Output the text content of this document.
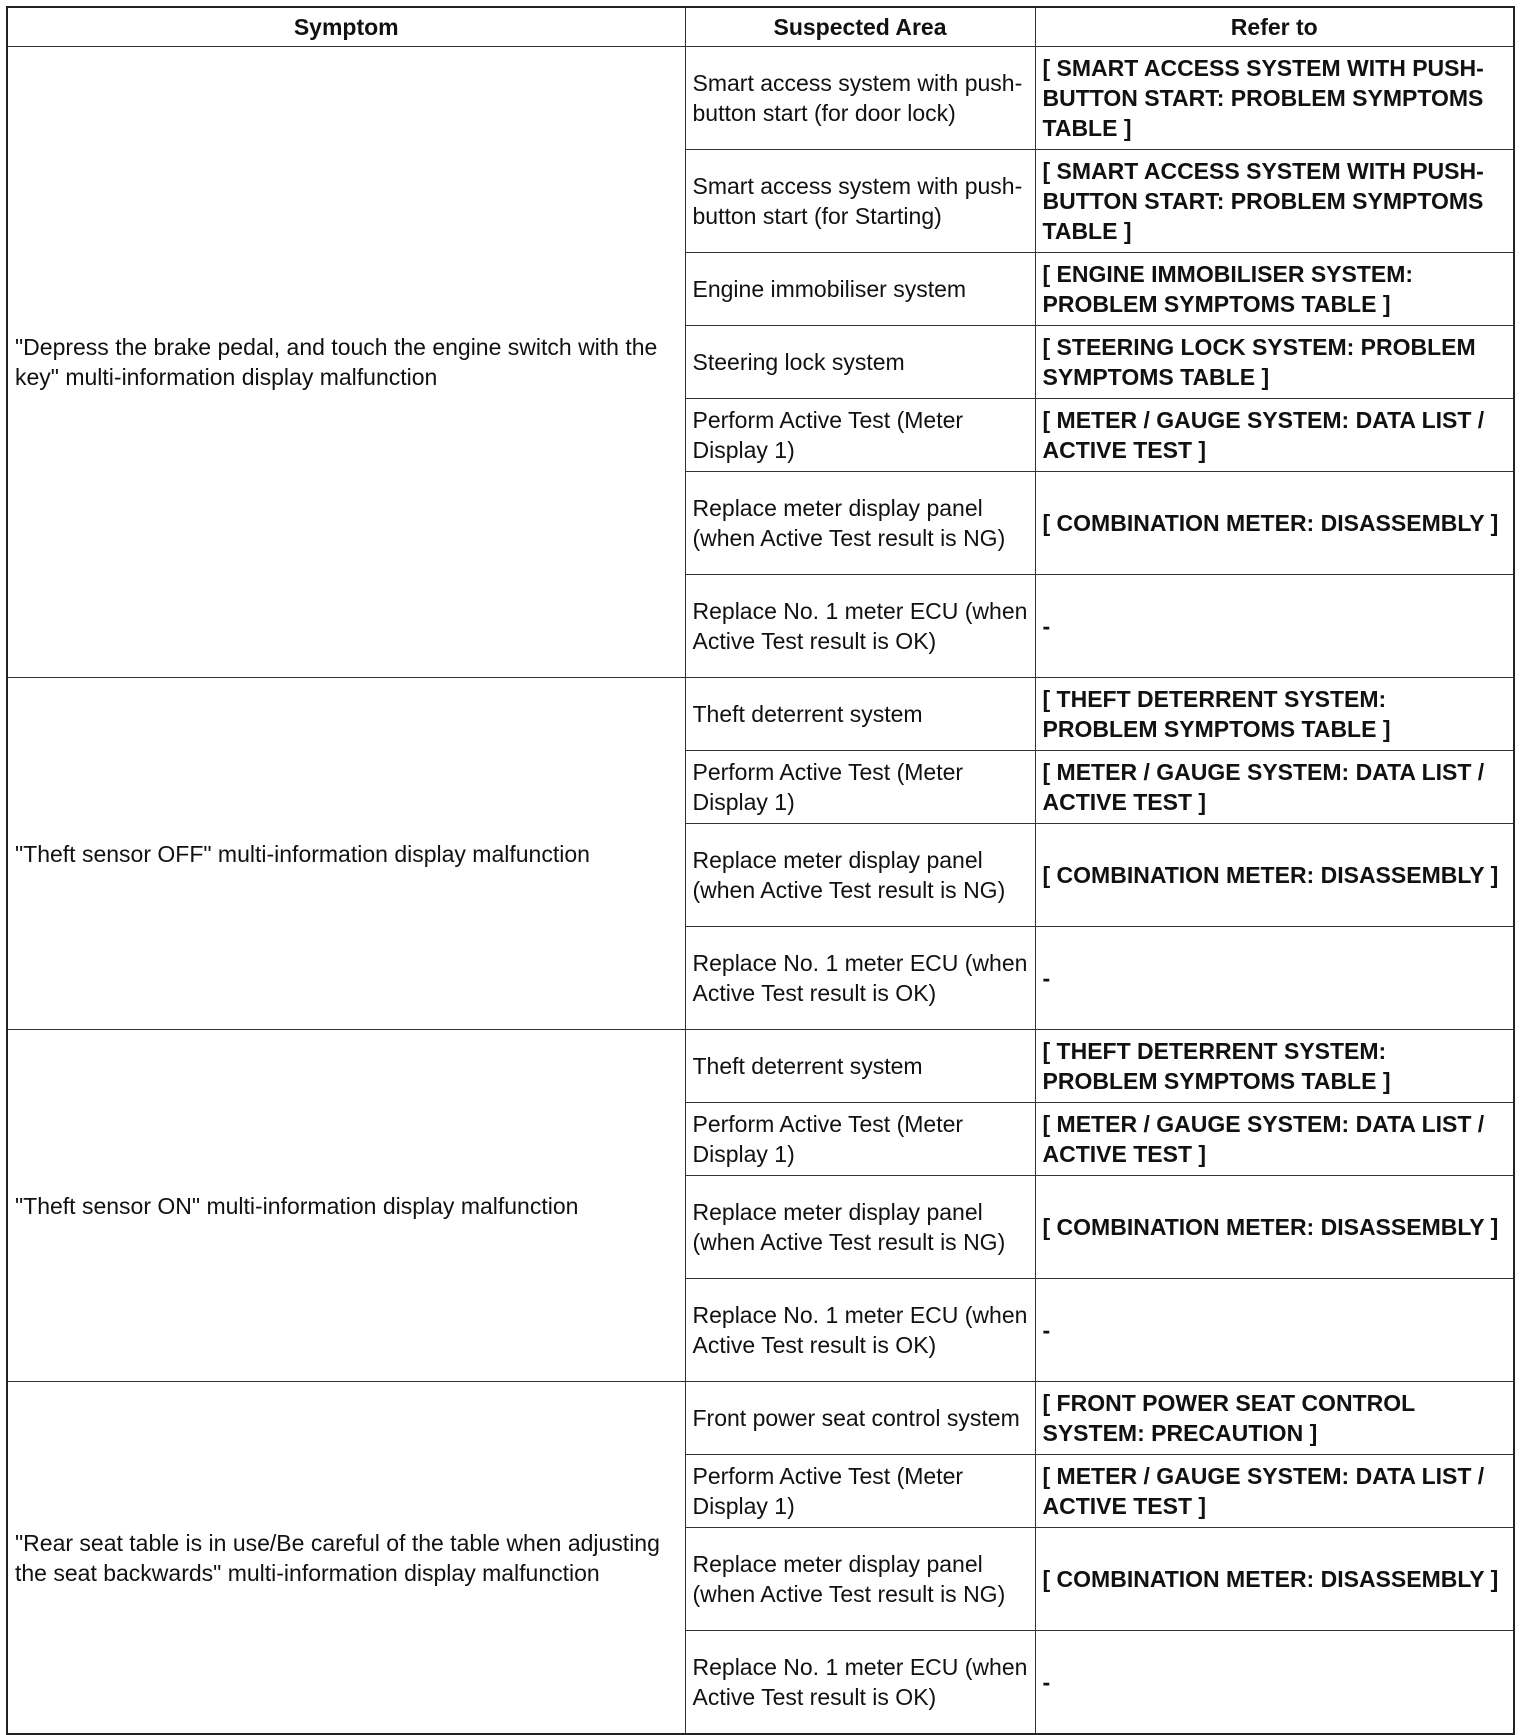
Symptom	Suspected Area	Refer to
"Depress the brake pedal, and touch the engine switch with the key" multi-information display malfunction	Smart access system with push-button start (for door lock)	[ SMART ACCESS SYSTEM WITH PUSH-BUTTON START: PROBLEM SYMPTOMS TABLE ]
	Smart access system with push-button start (for Starting)	[ SMART ACCESS SYSTEM WITH PUSH-BUTTON START: PROBLEM SYMPTOMS TABLE ]
	Engine immobiliser system	[ ENGINE IMMOBILISER SYSTEM: PROBLEM SYMPTOMS TABLE ]
	Steering lock system	[ STEERING LOCK SYSTEM: PROBLEM SYMPTOMS TABLE ]
	Perform Active Test (Meter Display 1)	[ METER / GAUGE SYSTEM: DATA LIST / ACTIVE TEST ]
	Replace meter display panel (when Active Test result is NG)	[ COMBINATION METER: DISASSEMBLY ]
	Replace No. 1 meter ECU (when Active Test result is OK)	-
"Theft sensor OFF" multi-information display malfunction	Theft deterrent system	[ THEFT DETERRENT SYSTEM: PROBLEM SYMPTOMS TABLE ]
	Perform Active Test (Meter Display 1)	[ METER / GAUGE SYSTEM: DATA LIST / ACTIVE TEST ]
	Replace meter display panel (when Active Test result is NG)	[ COMBINATION METER: DISASSEMBLY ]
	Replace No. 1 meter ECU (when Active Test result is OK)	-
"Theft sensor ON" multi-information display malfunction	Theft deterrent system	[ THEFT DETERRENT SYSTEM: PROBLEM SYMPTOMS TABLE ]
	Perform Active Test (Meter Display 1)	[ METER / GAUGE SYSTEM: DATA LIST / ACTIVE TEST ]
	Replace meter display panel (when Active Test result is NG)	[ COMBINATION METER: DISASSEMBLY ]
	Replace No. 1 meter ECU (when Active Test result is OK)	-
"Rear seat table is in use/Be careful of the table when adjusting the seat backwards" multi-information display malfunction	Front power seat control system	[ FRONT POWER SEAT CONTROL SYSTEM: PRECAUTION ]
	Perform Active Test (Meter Display 1)	[ METER / GAUGE SYSTEM: DATA LIST / ACTIVE TEST ]
	Replace meter display panel (when Active Test result is NG)	[ COMBINATION METER: DISASSEMBLY ]
	Replace No. 1 meter ECU (when Active Test result is OK)	-
